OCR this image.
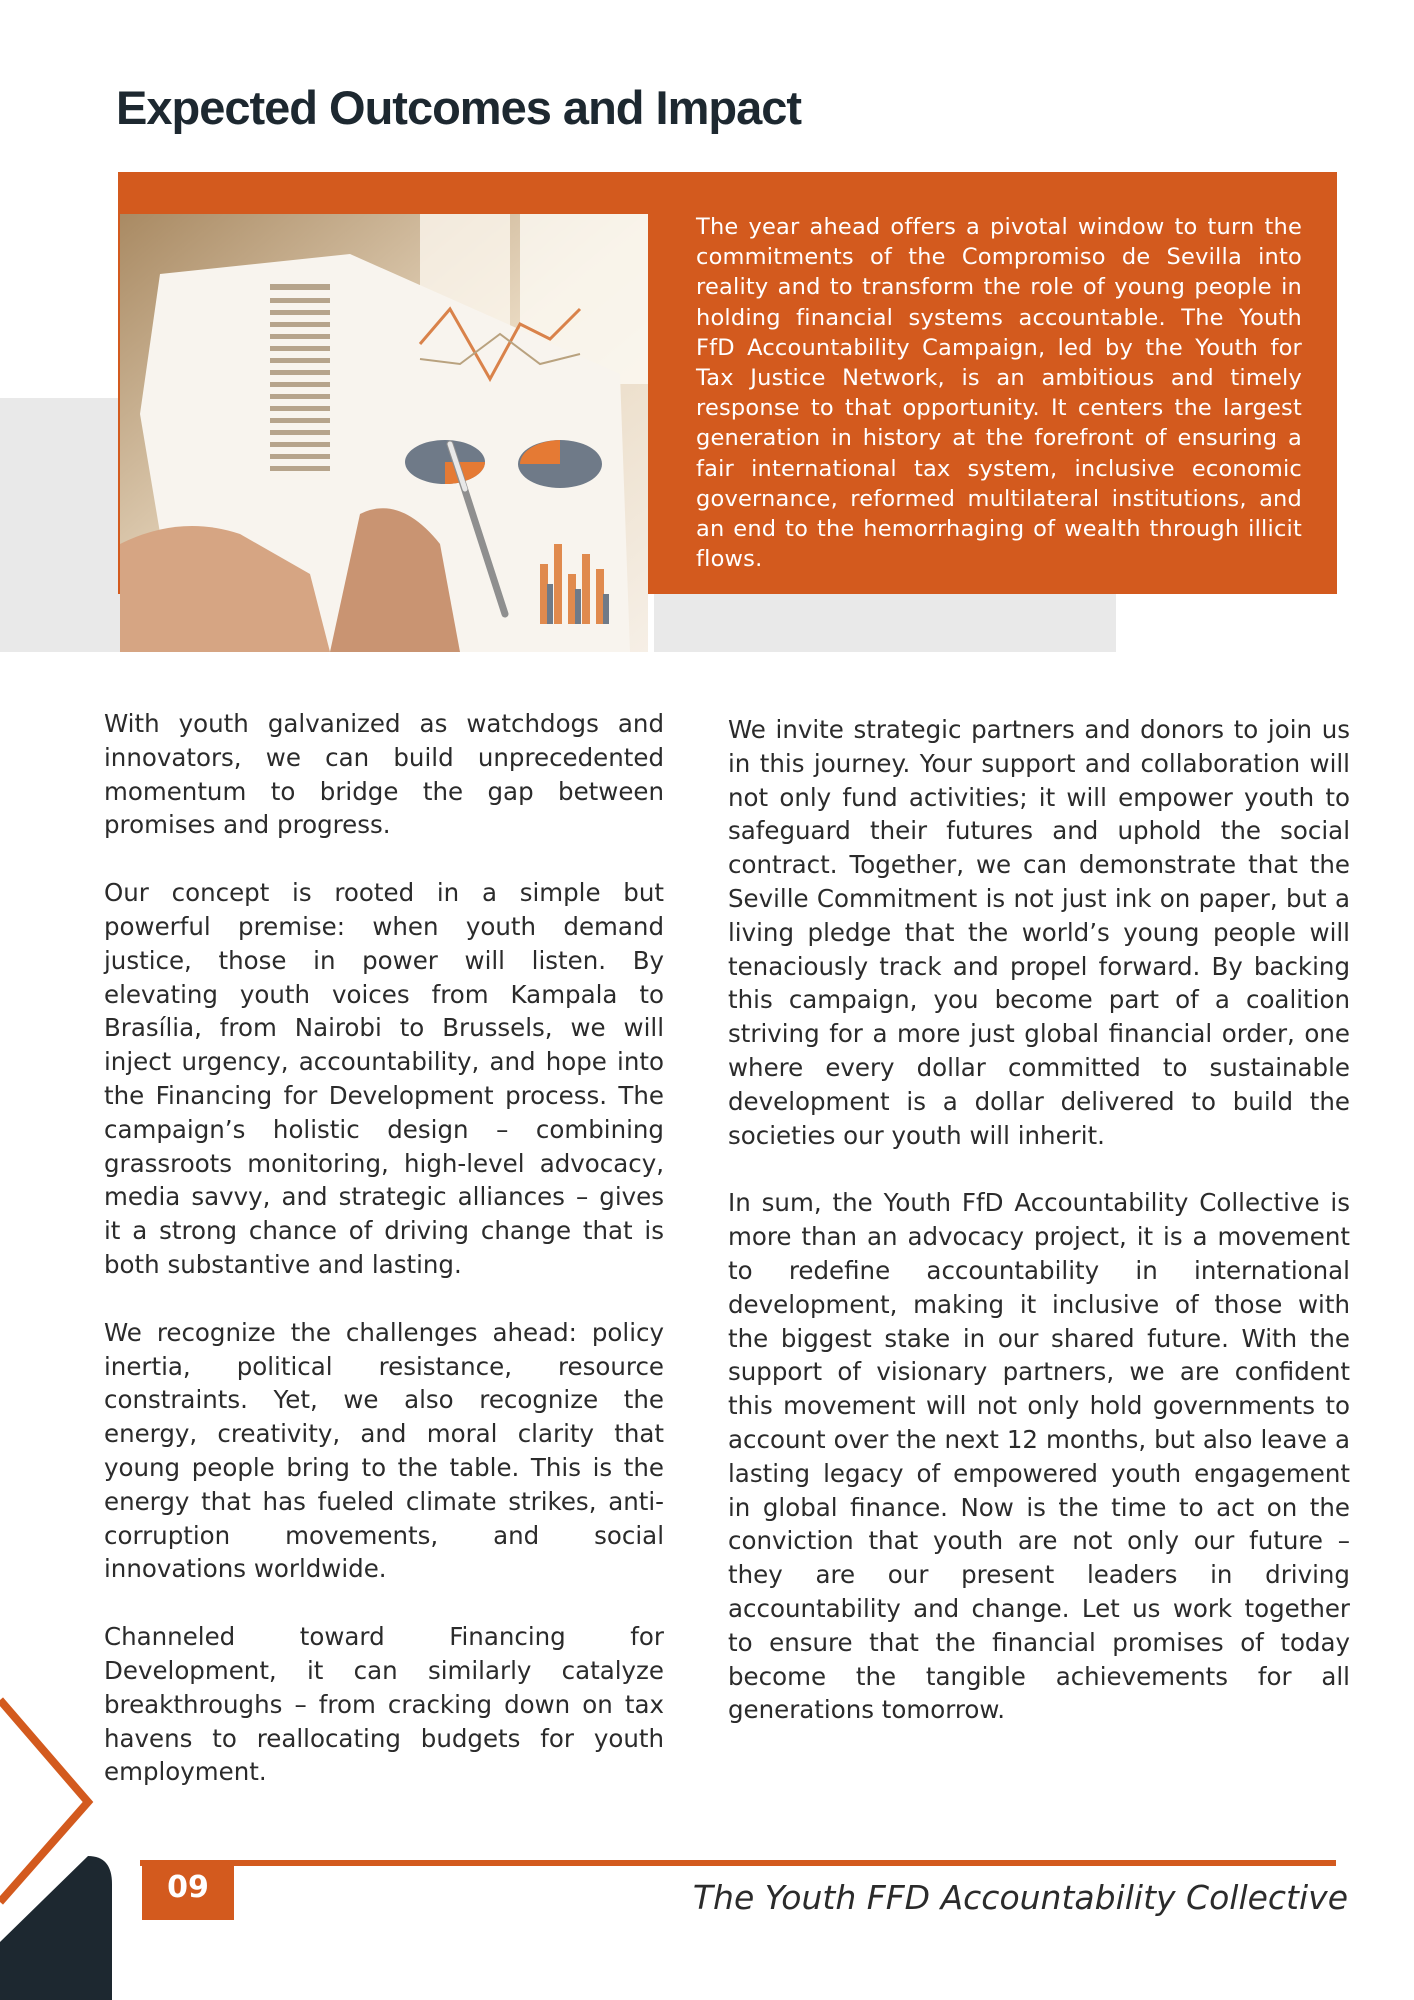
Expected Outcomes and Impact

The year ahead offers a pivotal window to turn the commitments of the Compromiso de Sevilla into reality and to transform the role of young people in holding financial systems accountable. The Youth FfD Accountability Campaign, led by the Youth for Tax Justice Network, is an ambitious and timely response to that opportunity. It centers the largest generation in history at the forefront of ensuring a fair international tax system, inclusive economic governance, reformed multilateral institutions, and an end to the hemorrhaging of wealth through illicit flows.

With youth galvanized as watchdogs and innovators, we can build unprecedented momentum to bridge the gap between promises and progress.

Our concept is rooted in a simple but powerful premise: when youth demand justice, those in power will listen. By elevating youth voices from Kampala to Brasília, from Nairobi to Brussels, we will inject urgency, accountability, and hope into the Financing for Development process. The campaign’s holistic design – combining grassroots monitoring, high-level advocacy, media savvy, and strategic alliances – gives it a strong chance of driving change that is both substantive and lasting.

We recognize the challenges ahead: policy inertia, political resistance, resource constraints. Yet, we also recognize the energy, creativity, and moral clarity that young people bring to the table. This is the energy that has fueled climate strikes, anti-corruption movements, and social innovations worldwide.

Channeled toward Financing for Development, it can similarly catalyze breakthroughs – from cracking down on tax havens to reallocating budgets for youth employment.

We invite strategic partners and donors to join us in this journey. Your support and collaboration will not only fund activities; it will empower youth to safeguard their futures and uphold the social contract. Together, we can demonstrate that the Seville Commitment is not just ink on paper, but a living pledge that the world’s young people will tenaciously track and propel forward. By backing this campaign, you become part of a coalition striving for a more just global financial order, one where every dollar committed to sustainable development is a dollar delivered to build the societies our youth will inherit.

In sum, the Youth FfD Accountability Collective is more than an advocacy project, it is a movement to redefine accountability in international development, making it inclusive of those with the biggest stake in our shared future. With the support of visionary partners, we are confident this movement will not only hold governments to account over the next 12 months, but also leave a lasting legacy of empowered youth engagement in global finance. Now is the time to act on the conviction that youth are not only our future – they are our present leaders in driving accountability and change. Let us work together to ensure that the financial promises of today become the tangible achievements for all generations tomorrow.

09	The Youth FFD Accountability Collective
